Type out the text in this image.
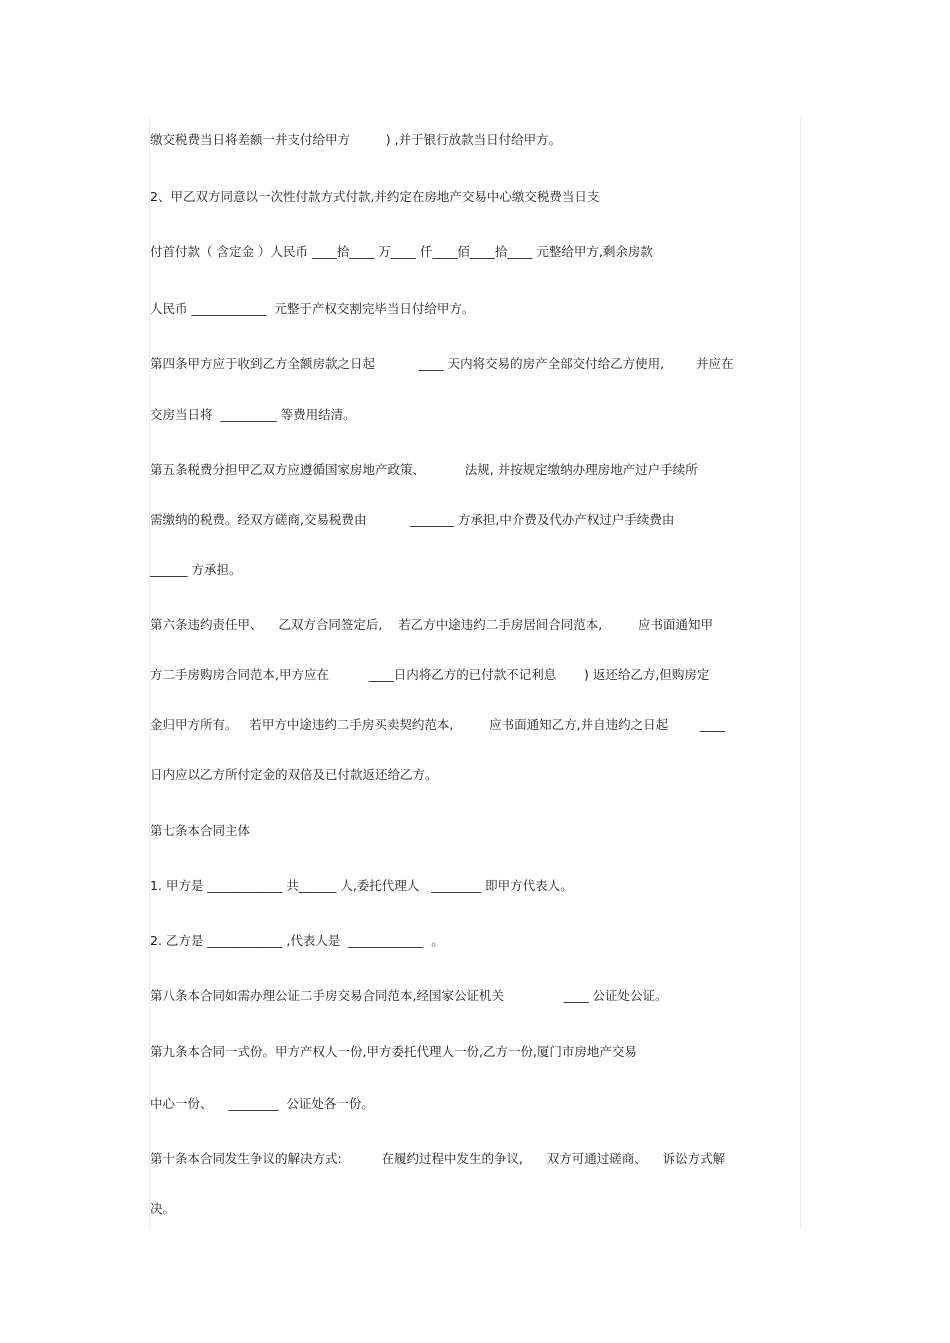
缴交税费当日将差额一并支付给甲方         ) ,并于银行放款当日付给甲方。
2、甲乙双方同意以一次性付款方式付款,并约定在房地产交易中心缴交税费当日支
付首付款（ 含定金 ）人民币 ____拾____ 万____ 仟____佰____拾____ 元整给甲方,剩余房款
人民币 ____________  元整于产权交割完毕当日付给甲方。
第四条甲方应于收到乙方全额房款之日起           ____ 天内将交易的房产全部交付给乙方使用,        并应在
交房当日将  _________ 等费用结清。
第五条税费分担甲乙双方应遵循国家房地产政策、          法规, 并按规定缴纳办理房地产过户手续所
需缴纳的税费。经双方磋商,交易税费由           _______ 方承担,中介费及代办产权过户手续费由
______ 方承担。
第六条违约责任甲、    乙双方合同签定后,    若乙方中途违约二手房居间合同范本,         应书面通知甲
方二手房购房合同范本,甲方应在          ____日内将乙方的已付款不记利息       ) 返还给乙方,但购房定
金归甲方所有。   若甲方中途违约二手房买卖契约范本,         应书面通知乙方,并自违约之日起        ____
日内应以乙方所付定金的双倍及已付款返还给乙方。
第七条本合同主体
1. 甲方是 ____________ 共______ 人,委托代理人   ________ 即甲方代表人。
2. 乙方是 ____________ ,代表人是  ____________  。
第八条本合同如需办理公证二手房交易合同范本,经国家公证机关               ____ 公证处公证。
第九条本合同一式份。甲方产权人一份,甲方委托代理人一份,乙方一份,厦门市房地产交易
中心一份、    ________  公证处各一份。
第十条本合同发生争议的解决方式:          在履约过程中发生的争议,      双方可通过磋商、    诉讼方式解
决。
